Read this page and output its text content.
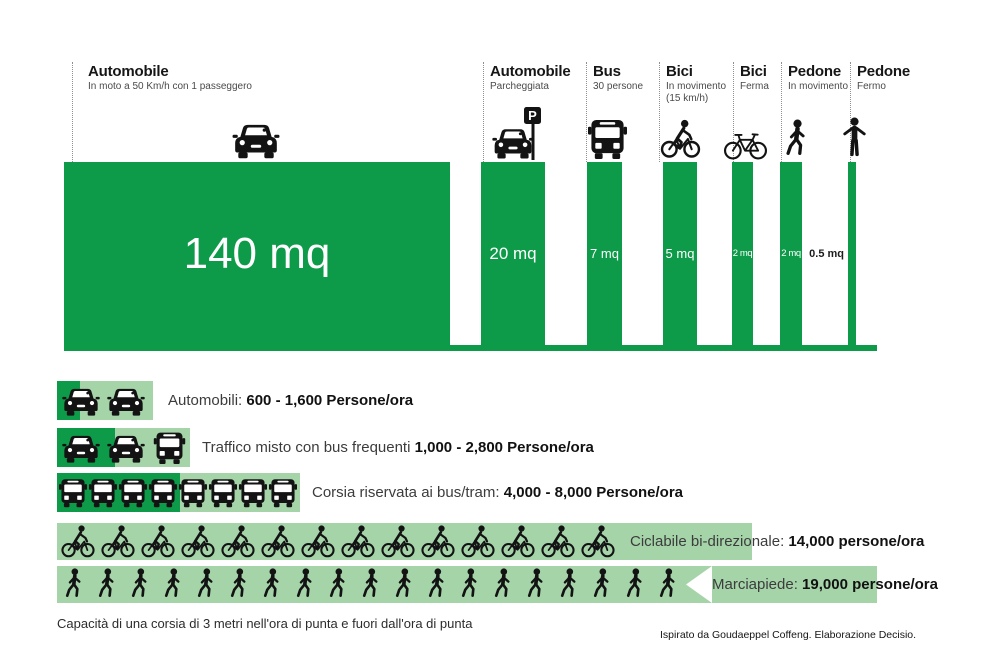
Automobile
In moto a 50 Km/h con 1 passeggero
140 mq
Automobile
Parcheggiata
20 mq
Bus
30 persone
7 mq
Bici
In movimento
(15 km/h)
5 mq
Bici
Ferma
2 mq
Pedone
In movimento
2 mq
Pedone
Fermo
0.5 mq
Automobili: 600 - 1,600 Persone/ora
Traffico misto con bus frequenti 1,000 - 2,800 Persone/ora
Corsia riservata ai bus/tram: 4,000 - 8,000 Persone/ora
Ciclabile bi-direzionale: 14,000 persone/ora
Marciapiede: 19,000 persone/ora
Capacità di una corsia di 3 metri nell'ora di punta e fuori dall'ora di punta
Ispirato da Goudaeppel Coffeng. Elaborazione Decisio.
